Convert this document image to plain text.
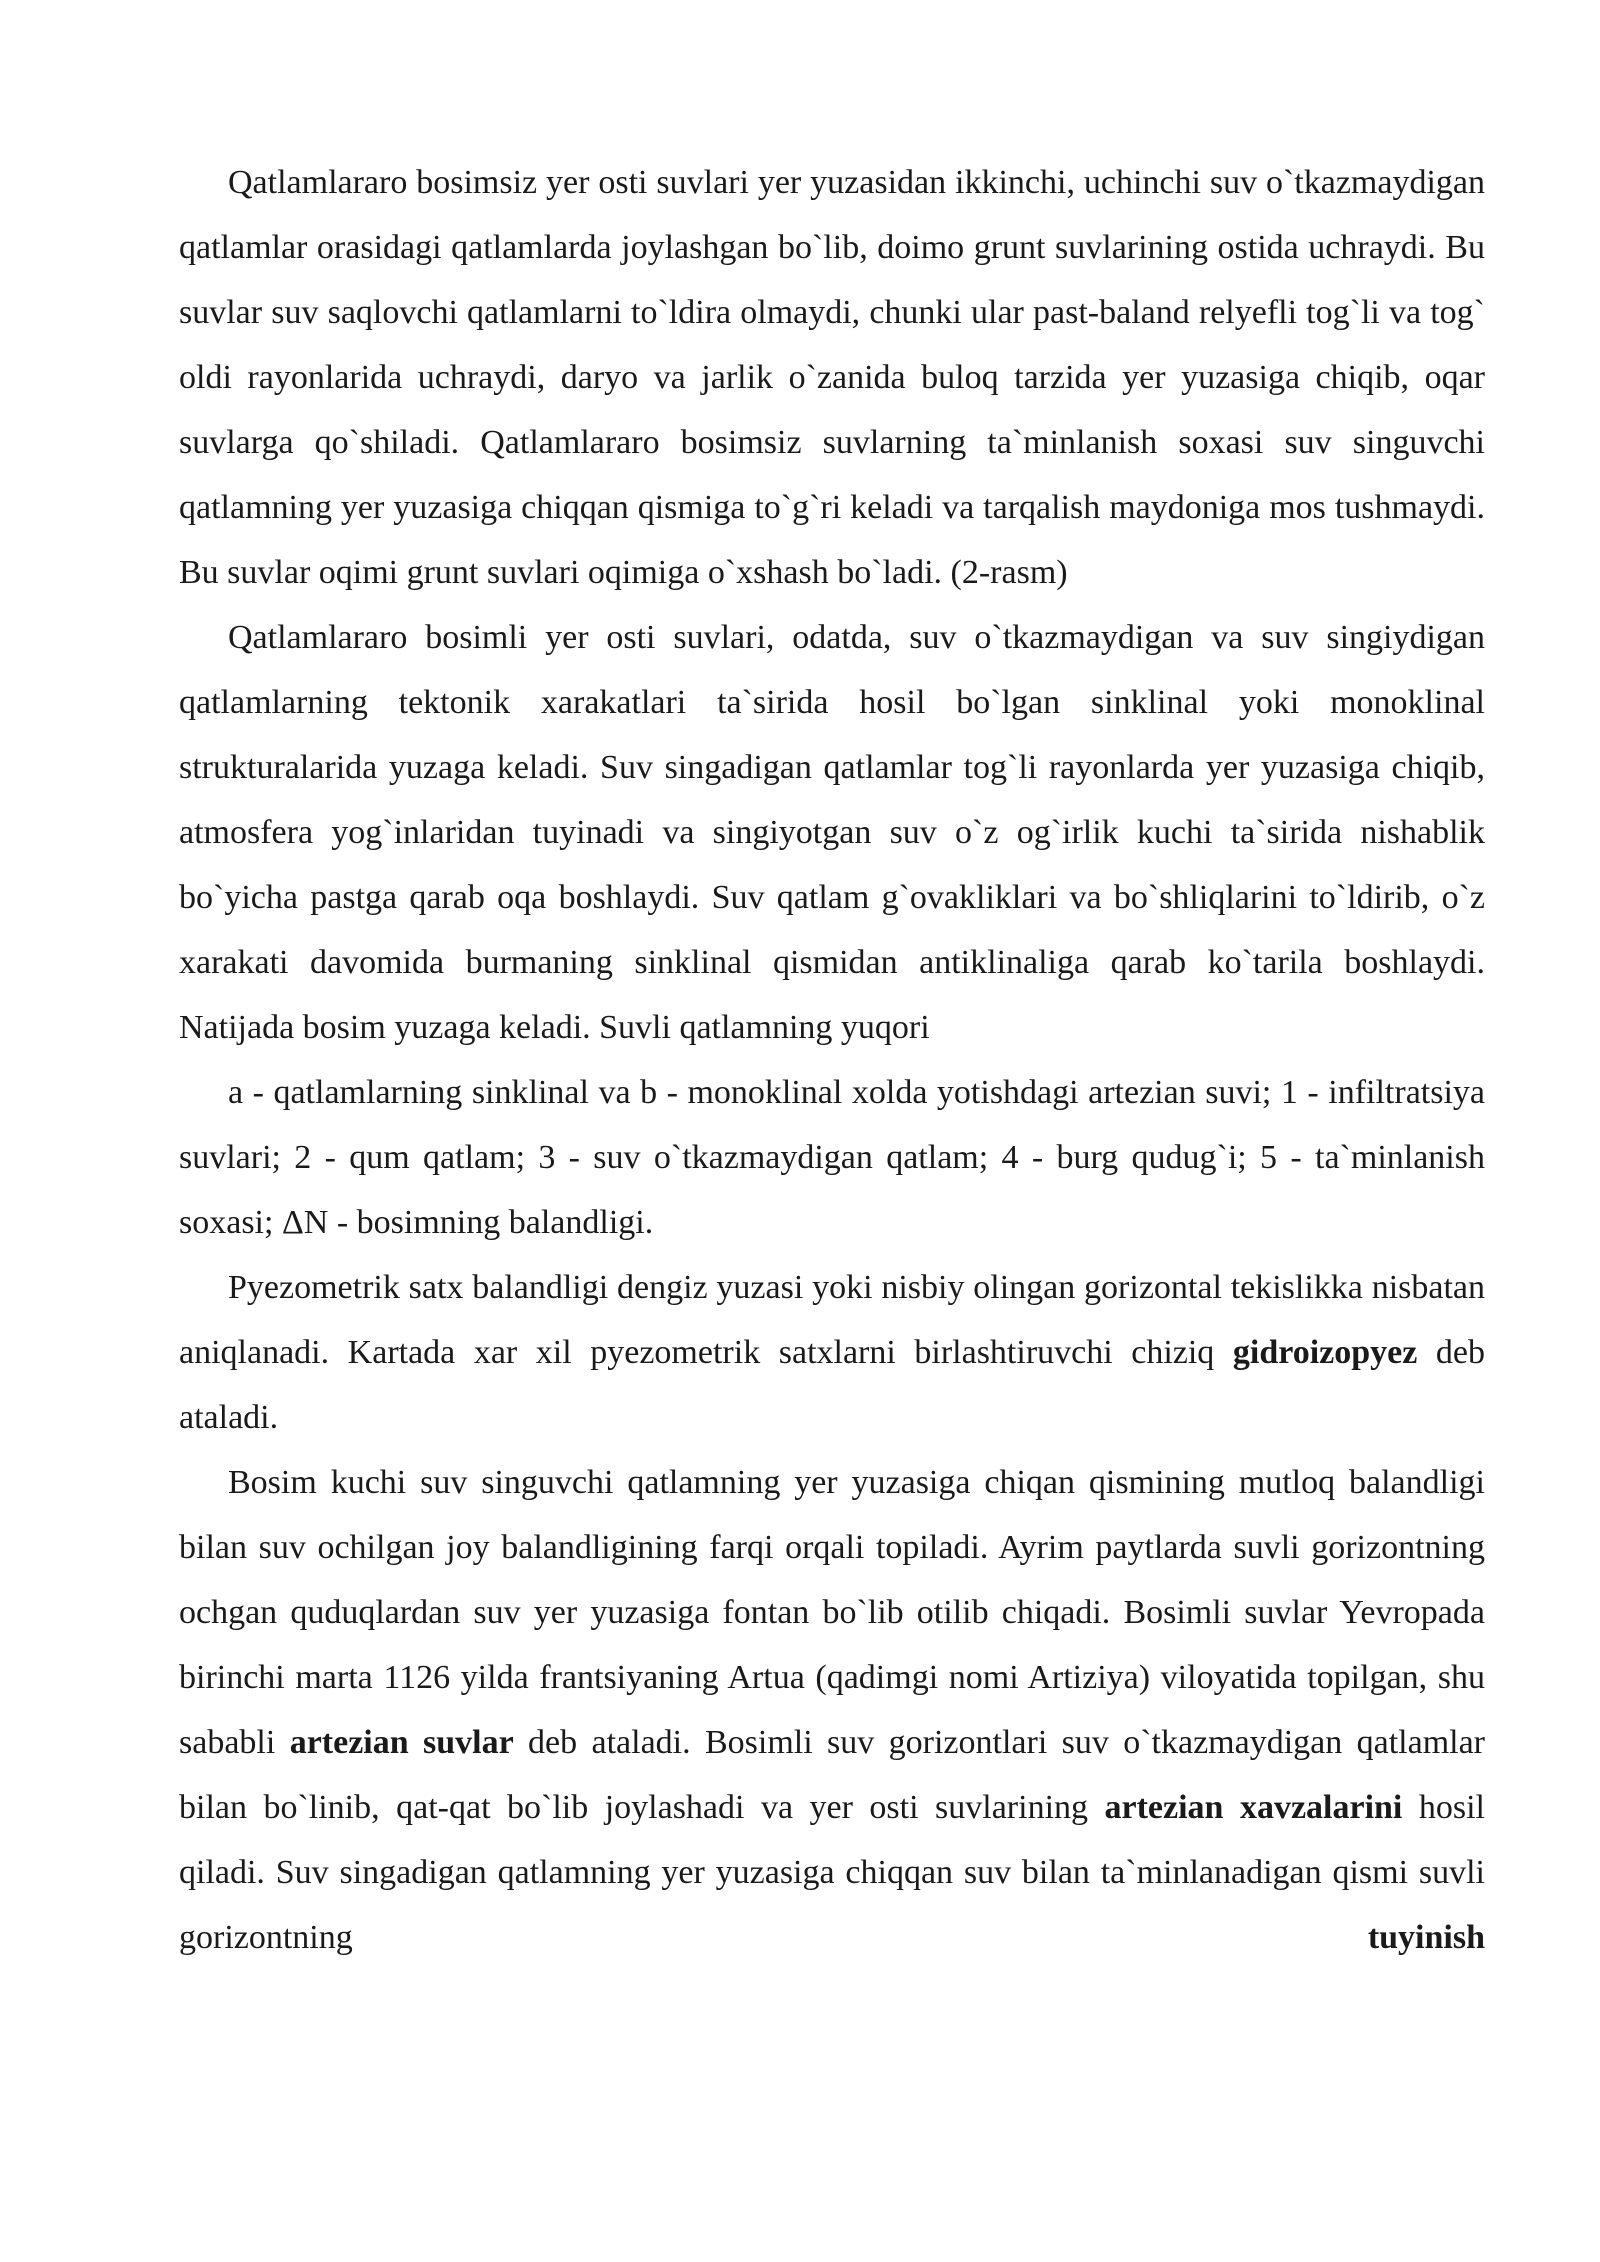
Qatlamlararo bosimsiz yer osti suvlari yer yuzasidan ikkinchi, uchinchi suv o`tkazmaydigan qatlamlar orasidagi qatlamlarda joylashgan bo`lib, doimo grunt suvlarining ostida uchraydi. Bu suvlar suv saqlovchi qatlamlarni to`ldira olmaydi, chunki ular past-baland relyefli tog`li va tog` oldi rayonlarida uchraydi, daryo va jarlik o`zanida buloq tarzida yer yuzasiga chiqib, oqar suvlarga qo`shiladi. Qatlamlararo bosimsiz suvlarning ta`minlanish soxasi suv singuvchi qatlamning yer yuzasiga chiqqan qismiga to`g`ri keladi va tarqalish maydoniga mos tushmaydi. Bu suvlar oqimi grunt suvlari oqimiga o`xshash bo`ladi. (2-rasm)

Qatlamlararo bosimli yer osti suvlari, odatda, suv o`tkazmaydigan va suv singiydigan qatlamlarning tektonik xarakatlari ta`sirida hosil bo`lgan sinklinal yoki monoklinal strukturalarida yuzaga keladi. Suv singadigan qatlamlar tog`li rayonlarda yer yuzasiga chiqib, atmosfera yog`inlaridan tuyinadi va singiyotgan suv o`z og`irlik kuchi ta`sirida nishablik bo`yicha pastga qarab oqa boshlaydi. Suv qatlam g`ovakliklari va bo`shliqlarini to`ldirib, o`z xarakati davomida burmaning sinklinal qismidan antiklinaliga qarab ko`tarila boshlaydi. Natijada bosim yuzaga keladi. Suvli qatlamning yuqori

a - qatlamlarning sinklinal va b - monoklinal xolda yotishdagi artezian suvi; 1 - infiltratsiya suvlari; 2 - qum qatlam; 3 - suv o`tkazmaydigan qatlam; 4 - burg qudug`i; 5 - ta`minlanish soxasi; ΔN - bosimning balandligi.

Pyezometrik satx balandligi dengiz yuzasi yoki nisbiy olingan gorizontal tekislikka nisbatan aniqlanadi. Kartada xar xil pyezometrik satxlarni birlashtiruvchi chiziq gidroizopyez deb ataladi.

Bosim kuchi suv singuvchi qatlamning yer yuzasiga chiqan qismining mutloq balandligi bilan suv ochilgan joy balandligining farqi orqali topiladi. Ayrim paytlarda suvli gorizontning ochgan quduqlardan suv yer yuzasiga fontan bo`lib otilib chiqadi. Bosimli suvlar Yevropada birinchi marta 1126 yilda frantsiyaning Artua (qadimgi nomi Artiziya) viloyatida topilgan, shu sababli artezian suvlar deb ataladi. Bosimli suv gorizontlari suv o`tkazmaydigan qatlamlar bilan bo`linib, qat-qat bo`lib joylashadi va yer osti suvlarining artezian xavzalarini hosil qiladi. Suv singadigan qatlamning yer yuzasiga chiqqan suv bilan ta`minlanadigan qismi suvli gorizontning tuyinish
